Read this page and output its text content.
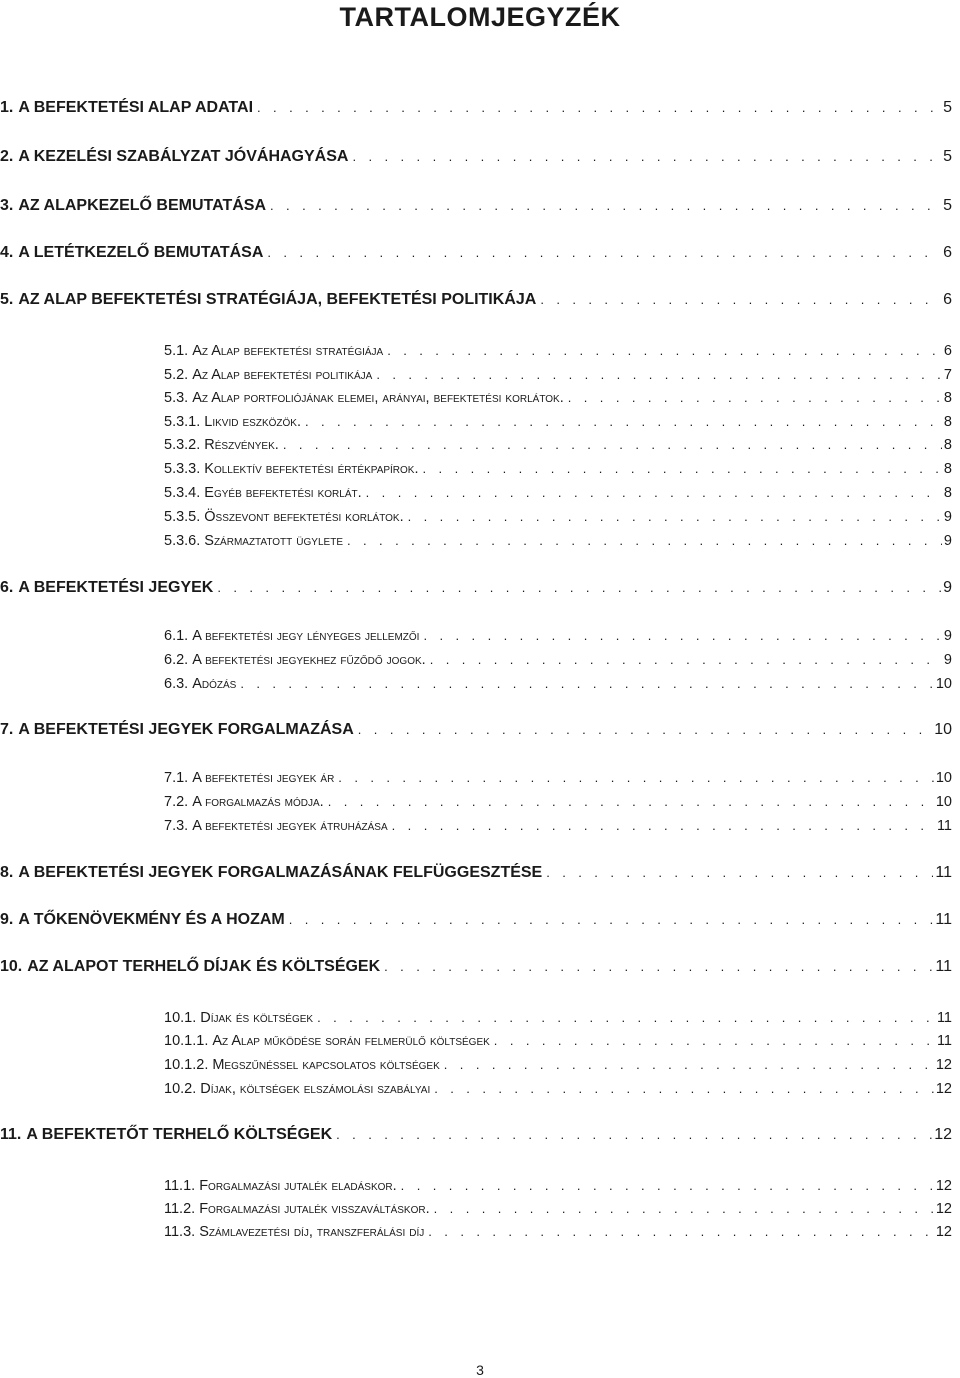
TARTALOMJEGYZÉK
1. A BEFEKTETÉSI ALAP ADATAI . . .	5
2. A KEZELÉSI SZABÁLYZAT JÓVÁHAGYÁSA . . .	5
3. AZ ALAPKEZELŐ BEMUTATÁSA . . .	5
4. A LETÉTKEZELŐ BEMUTATÁSA . . .	6
5. AZ ALAP BEFEKTETÉSI STRATÉGIÁJA, BEFEKTETÉSI POLITIKÁJA . . .	6
5.1. Az Alap befektetési stratégiája . . .	6
5.2. Az Alap befektetési politikája . . .	7
5.3. Az Alap portfoliójának elemei, arányai, befektetési korlátok. . . .	8
5.3.1. Likvid eszközök. . . .	8
5.3.2. Részvények. . . .	8
5.3.3. Kollektív befektetési értékpapírok. . . .	8
5.3.4. Egyéb befektetési korlát. . . .	8
5.3.5. Összevont befektetési korlátok. . . .	9
5.3.6. Származtatott ügylete . . .	9
6. A BEFEKTETÉSI JEGYEK . . .	9
6.1. A befektetési jegy lényeges jellemzői . . .	9
6.2. A befektetési jegyekhez fűződő jogok. . . .	9
6.3. Adózás . . .	10
7. A BEFEKTETÉSI JEGYEK FORGALMAZÁSA . . .	10
7.1. A befektetési jegyek ár . . .	10
7.2. A forgalmazás módja. . . .	10
7.3. A befektetési jegyek átruházása . . .	11
8. A BEFEKTETÉSI JEGYEK FORGALMAZÁSÁNAK FELFÜGGESZTÉSE . . .	11
9. A TŐKENÖVEKMÉNY ÉS A HOZAM . . .	11
10. AZ ALAPOT TERHELŐ DÍJAK ÉS KÖLTSÉGEK . . .	11
10.1. Díjak és költségek . . .	11
10.1.1. Az Alap működése során felmerülő költségek . . .	11
10.1.2. Megszűnéssel kapcsolatos költségek . . .	12
10.2. Díjak, költségek elszámolási szabályai . . .	12
11. A BEFEKTETŐT TERHELŐ KÖLTSÉGEK . . .	12
11.1. Forgalmazási jutalék eladáskor. . . .	12
11.2. Forgalmazási jutalék visszaváltáskor. . . .	12
11.3. Számlavezetési díj, transzferálási díj . . .	12
3
